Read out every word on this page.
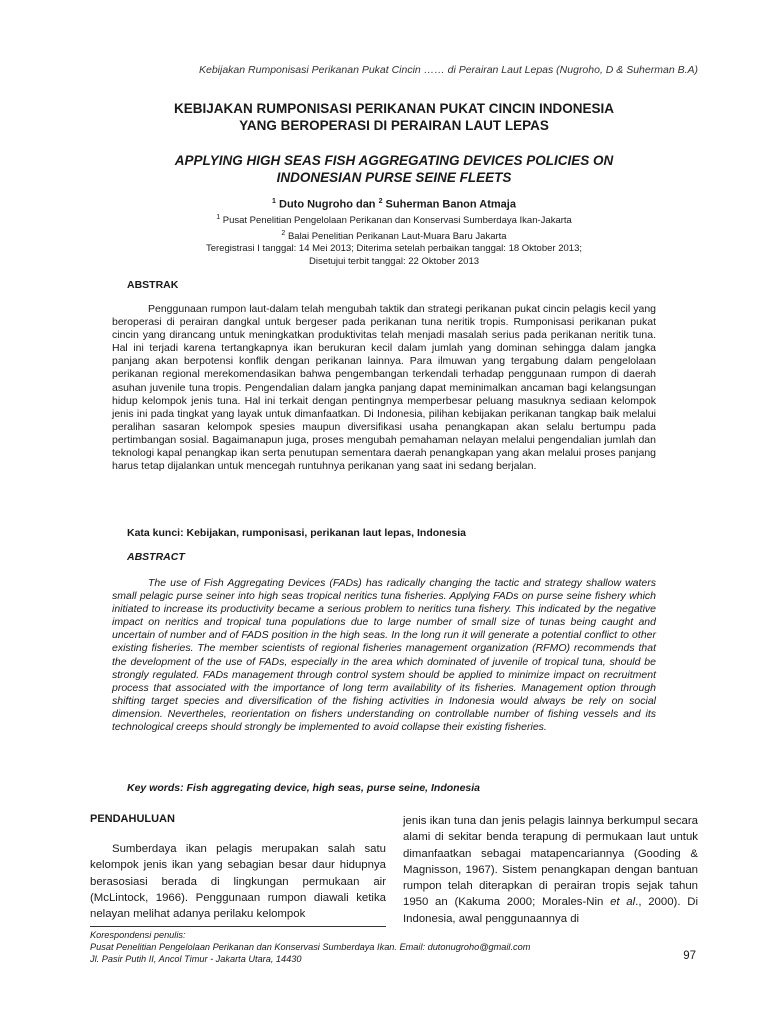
Kebijakan Rumponisasi Perikanan Pukat Cincin …… di Perairan Laut Lepas (Nugroho, D & Suherman B.A)
KEBIJAKAN RUMPONISASI PERIKANAN PUKAT CINCIN INDONESIA
YANG BEROPERASI DI PERAIRAN LAUT LEPAS
APPLYING HIGH SEAS FISH AGGREGATING DEVICES POLICIES ON
INDONESIAN PURSE SEINE FLEETS
$^1$ Duto Nugroho dan $^2$ Suherman Banon Atmaja
$^1$ Pusat Penelitian Pengelolaan Perikanan dan Konservasi Sumberdaya Ikan-Jakarta
$^2$ Balai Penelitian Perikanan Laut-Muara Baru Jakarta
Teregistrasi I tanggal: 14 Mei 2013; Diterima setelah perbaikan tanggal: 18 Oktober 2013;
Disetujui terbit tanggal: 22 Oktober 2013
ABSTRAK

Penggunaan rumpon laut-dalam telah mengubah taktik dan strategi perikanan pukat cincin pelagis kecil yang beroperasi di perairan dangkal untuk bergeser pada perikanan tuna neritik tropis. Rumponisasi perikanan pukat cincin yang dirancang untuk meningkatkan produktivitas telah menjadi masalah serius pada perikanan neritik tuna. Hal ini terjadi karena tertangkapnya ikan berukuran kecil dalam jumlah yang dominan sehingga dalam jangka panjang akan berpotensi konflik dengan perikanan lainnya. Para ilmuwan yang tergabung dalam pengelolaan perikanan regional merekomendasikan bahwa pengembangan terkendali terhadap penggunaan rumpon di daerah asuhan juvenile tuna tropis. Pengendalian dalam jangka panjang dapat meminimalkan ancaman bagi kelangsungan hidup kelompok jenis tuna. Hal ini terkait dengan pentingnya memperbesar peluang masuknya sediaan kelompok jenis ini pada tingkat yang layak untuk dimanfaatkan. Di Indonesia, pilihan kebijakan perikanan tangkap baik melalui peralihan sasaran kelompok spesies maupun diversifikasi usaha penangkapan akan selalu bertumpu pada pertimbangan sosial. Bagaimanapun juga, proses mengubah pemahaman nelayan melalui pengendalian jumlah dan teknologi kapal penangkap ikan serta penutupan sementara daerah penangkapan yang akan melalui proses panjang harus tetap dijalankan untuk mencegah runtuhnya perikanan yang saat ini sedang berjalan.

Kata kunci: Kebijakan, rumponisasi, perikanan laut lepas, Indonesia
ABSTRACT

The use of Fish Aggregating Devices (FADs) has radically changing the tactic and strategy shallow waters small pelagic purse seiner into high seas tropical neritics tuna fisheries. Applying FADs on purse seine fishery which initiated to increase its productivity became a serious problem to neritics tuna fishery. This indicated by the negative impact on neritics and tropical tuna populations due to large number of small size of tunas being caught and uncertain of number and of FADS position in the high seas. In the long run it will generate a potential conflict to other existing fisheries. The member scientists of regional fisheries management organization (RFMO) recommends that the development of the use of FADs, especially in the area which dominated of juvenile of tropical tuna, should be strongly regulated. FADs management through control system should be applied to minimize impact on recruitment process that associated with the importance of long term availability of its fisheries. Management option through shifting target species and diversification of the fishing activities in Indonesia would always be rely on social dimension. Nevertheles, reorientation on fishers understanding on controllable number of fishing vessels and its technological creeps should strongly be implemented to avoid collapse their existing fisheries.

Key words: Fish aggregating device, high seas, purse seine, Indonesia
PENDAHULUAN

Sumberdaya ikan pelagis merupakan salah satu kelompok jenis ikan yang sebagian besar daur hidupnya berasosiasi berada di lingkungan permukaan air (McLintock, 1966). Penggunaan rumpon diawali ketika nelayan melihat adanya perilaku kelompok

jenis ikan tuna dan jenis pelagis lainnya berkumpul secara alami di sekitar benda terapung di permukaan laut untuk dimanfaatkan sebagai matapencariannya (Gooding & Magnisson, 1967). Sistem penangkapan dengan bantuan rumpon telah diterapkan di perairan tropis sejak tahun 1950 an (Kakuma 2000; Morales-Nin et al., 2000). Di Indonesia, awal penggunaannya di

Korespondensi penulis:
Pusat Penelitian Pengelolaan Perikanan dan Konservasi Sumberdaya Ikan. Email: dutonugroho@gmail.com
Jl. Pasir Putih II, Ancol Timur - Jakarta Utara, 14430	97
